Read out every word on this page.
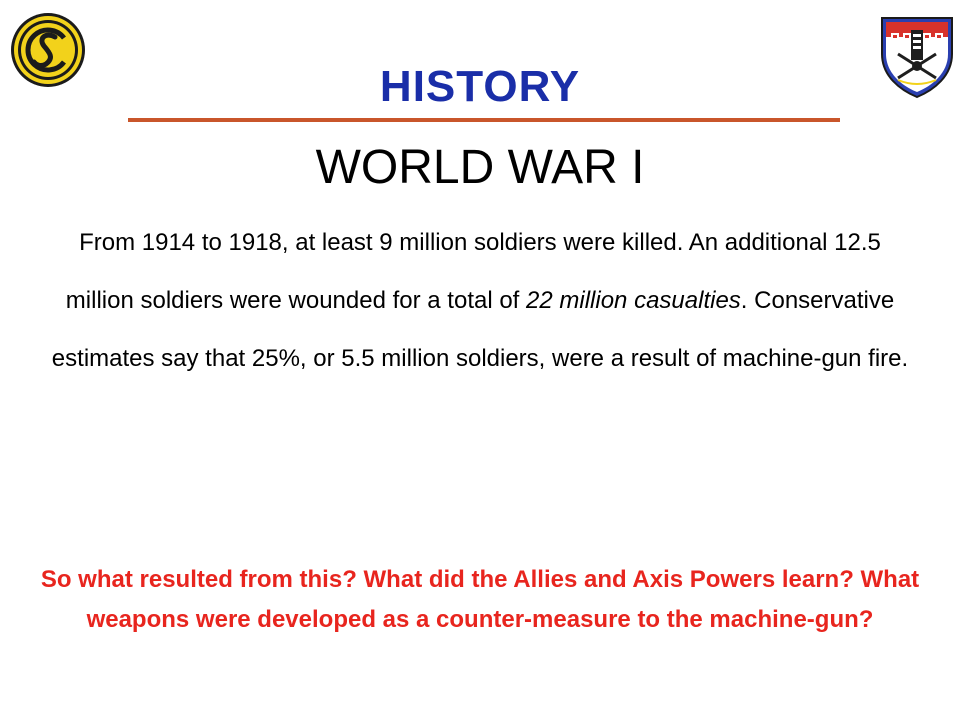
HISTORY
WORLD WAR I
From 1914 to 1918, at least 9 million soldiers were killed. An additional 12.5 million soldiers were wounded for a total of 22 million casualties. Conservative estimates say that 25%, or 5.5 million soldiers, were a result of machine-gun fire.
So what resulted from this? What did the Allies and Axis Powers learn? What weapons were developed as a counter-measure to the machine-gun?
